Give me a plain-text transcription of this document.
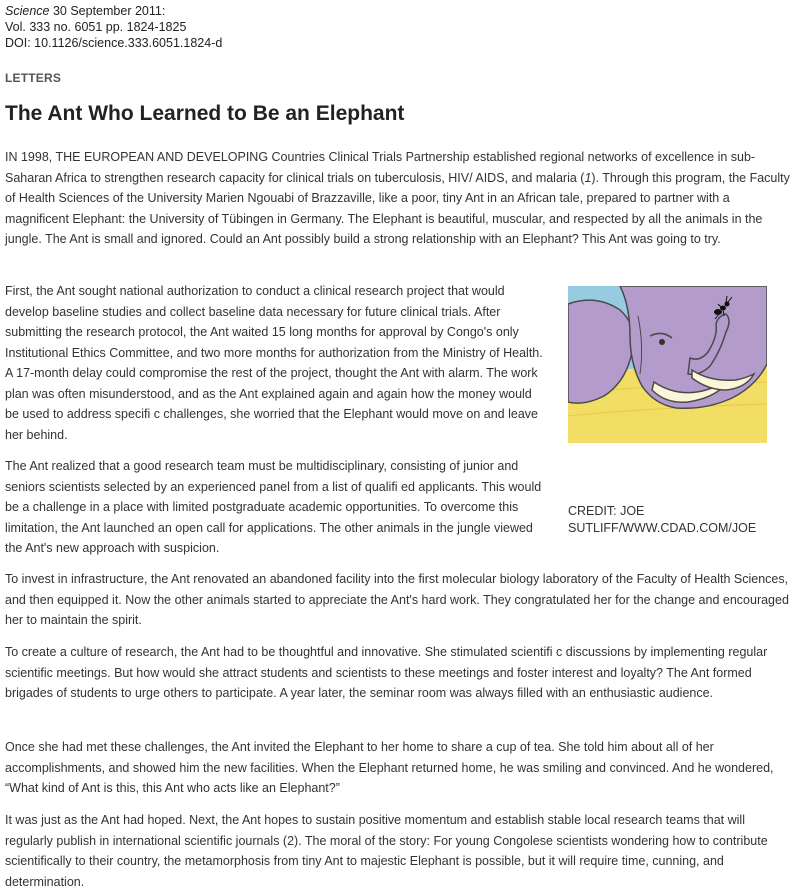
Science 30 September 2011:
Vol. 333 no. 6051 pp. 1824-1825
DOI: 10.1126/science.333.6051.1824-d
LETTERS
The Ant Who Learned to Be an Elephant

IN 1998, THE EUROPEAN AND DEVELOPING Countries Clinical Trials Partnership established regional networks of excellence in sub- Saharan Africa to strengthen research capacity for clinical trials on tuberculosis, HIV/ AIDS, and malaria (1). Through this program, the Faculty of Health Sciences of the University Marien Ngouabi of Brazzaville, like a poor, tiny Ant in an African tale, prepared to partner with a magnificent Elephant: the University of Tübingen in Germany. The Elephant is beautiful, muscular, and respected by all the animals in the jungle. The Ant is small and ignored. Could an Ant possibly build a strong relationship with an Elephant? This Ant was going to try.

First, the Ant sought national authorization to conduct a clinical research project that would develop baseline studies and collect baseline data necessary for future clinical trials. After submitting the research protocol, the Ant waited 15 long months for approval by Congo's only Institutional Ethics Committee, and two more months for authorization from the Ministry of Health. A 17-month delay could compromise the rest of the project, thought the Ant with alarm. The work plan was often misunderstood, and as the Ant explained again and again how the money would be used to address specifi c challenges, she worried that the Elephant would move on and leave her behind.

CREDIT: JOE
SUTLIFF/WWW.CDAD.COM/JOE

The Ant realized that a good research team must be multidisciplinary, consisting of junior and seniors scientists selected by an experienced panel from a list of qualifi ed applicants. This would be a challenge in a place with limited postgraduate academic opportunities. To overcome this limitation, the Ant launched an open call for applications. The other animals in the jungle viewed the Ant's new approach with suspicion.

To invest in infrastructure, the Ant renovated an abandoned facility into the first molecular biology laboratory of the Faculty of Health Sciences, and then equipped it. Now the other animals started to appreciate the Ant's hard work. They congratulated her for the change and encouraged her to maintain the spirit.

To create a culture of research, the Ant had to be thoughtful and innovative. She stimulated scientifi c discussions by implementing regular scientific meetings. But how would she attract students and scientists to these meetings and foster interest and loyalty? The Ant formed brigades of students to urge others to participate. A year later, the seminar room was always filled with an enthusiastic audience.

Once she had met these challenges, the Ant invited the Elephant to her home to share a cup of tea. She told him about all of her accomplishments, and showed him the new facilities. When the Elephant returned home, he was smiling and convinced. And he wondered, “What kind of Ant is this, this Ant who acts like an Elephant?”

It was just as the Ant had hoped. Next, the Ant hopes to sustain positive momentum and establish stable local research teams that will regularly publish in international scientific journals (2). The moral of the story: For young Congolese scientists wondering how to contribute scientifically to their country, the metamorphosis from tiny Ant to majestic Elephant is possible, but it will require time, cunning, and determination.
